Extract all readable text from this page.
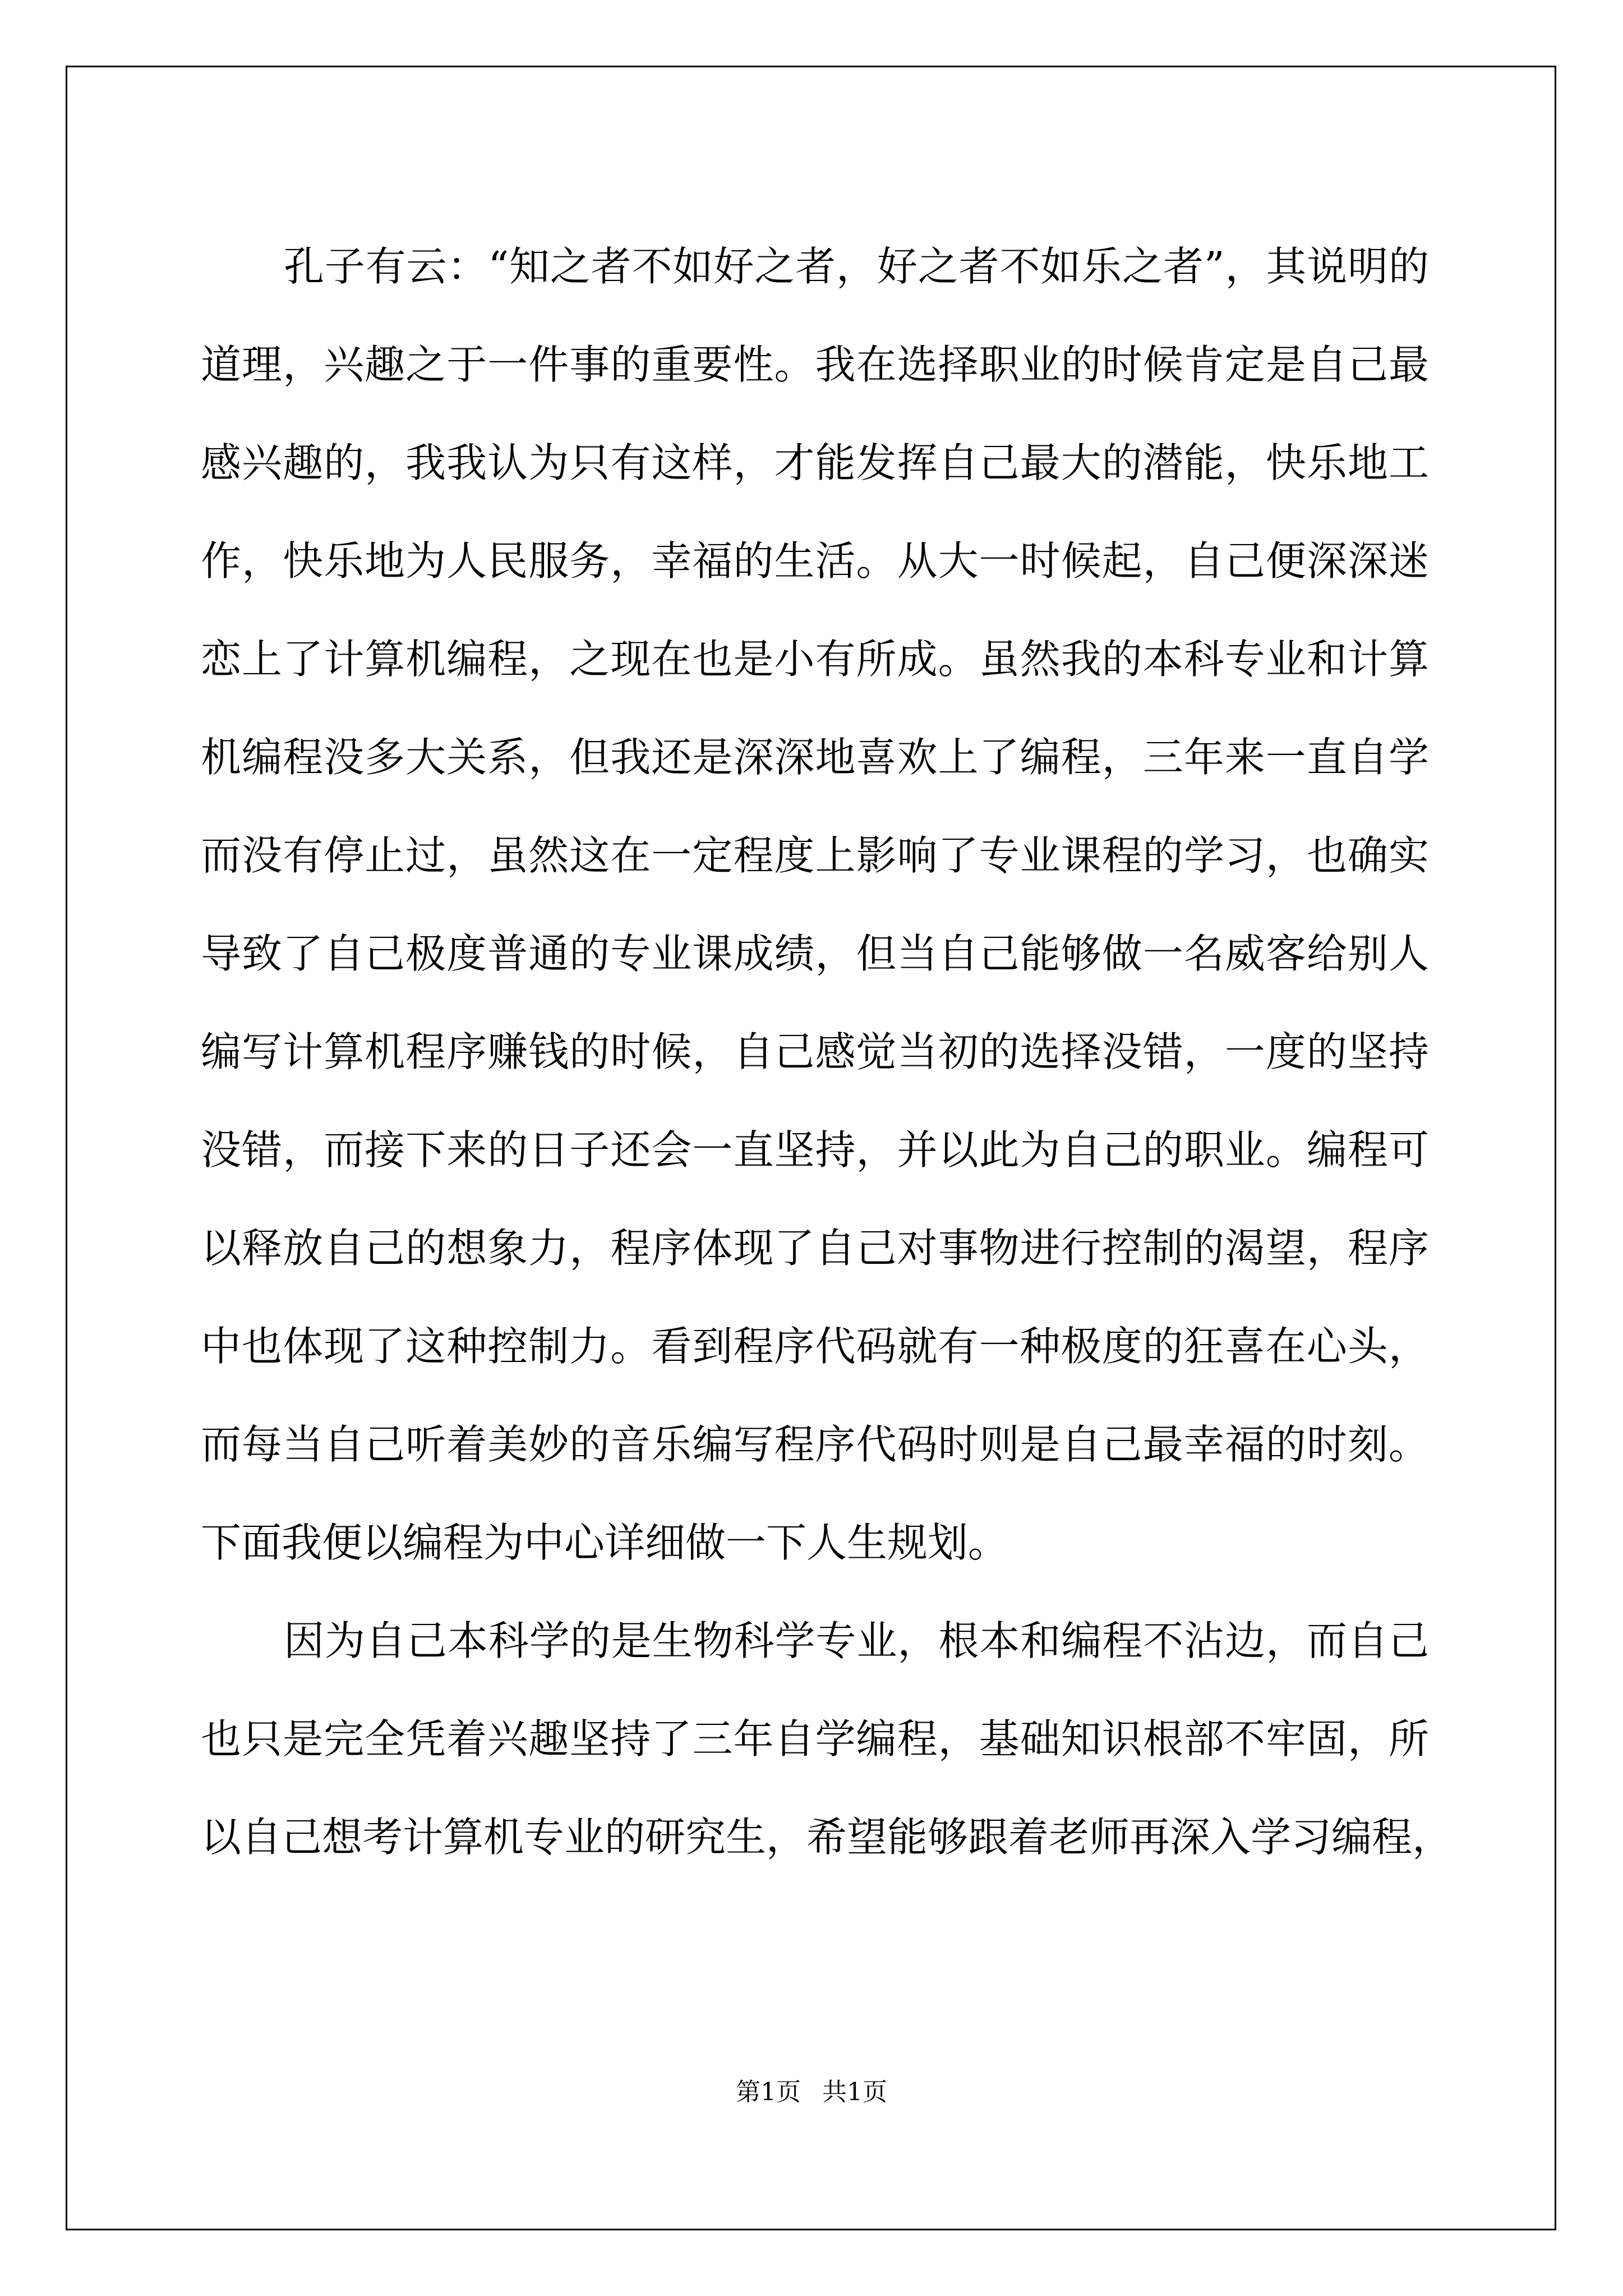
孔子有云：“知之者不如好之者，好之者不如乐之者”，其说明的
道理，兴趣之于一件事的重要性。我在选择职业的时候肯定是自己最
感兴趣的，我我认为只有这样，才能发挥自己最大的潜能，快乐地工
作，快乐地为人民服务，幸福的生活。从大一时候起，自己便深深迷
恋上了计算机编程，之现在也是小有所成。虽然我的本科专业和计算
机编程没多大关系，但我还是深深地喜欢上了编程，三年来一直自学
而没有停止过，虽然这在一定程度上影响了专业课程的学习，也确实
导致了自己极度普通的专业课成绩，但当自己能够做一名威客给别人
编写计算机程序赚钱的时候，自己感觉当初的选择没错，一度的坚持
没错，而接下来的日子还会一直坚持，并以此为自己的职业。编程可
以释放自己的想象力，程序体现了自己对事物进行控制的渴望，程序
中也体现了这种控制力。看到程序代码就有一种极度的狂喜在心头，
而每当自己听着美妙的音乐编写程序代码时则是自己最幸福的时刻。
下面我便以编程为中心详细做一下人生规划。
因为自己本科学的是生物科学专业，根本和编程不沾边，而自己
也只是完全凭着兴趣坚持了三年自学编程，基础知识根部不牢固，所
以自己想考计算机专业的研究生，希望能够跟着老师再深入学习编程，
第1页 共1页
